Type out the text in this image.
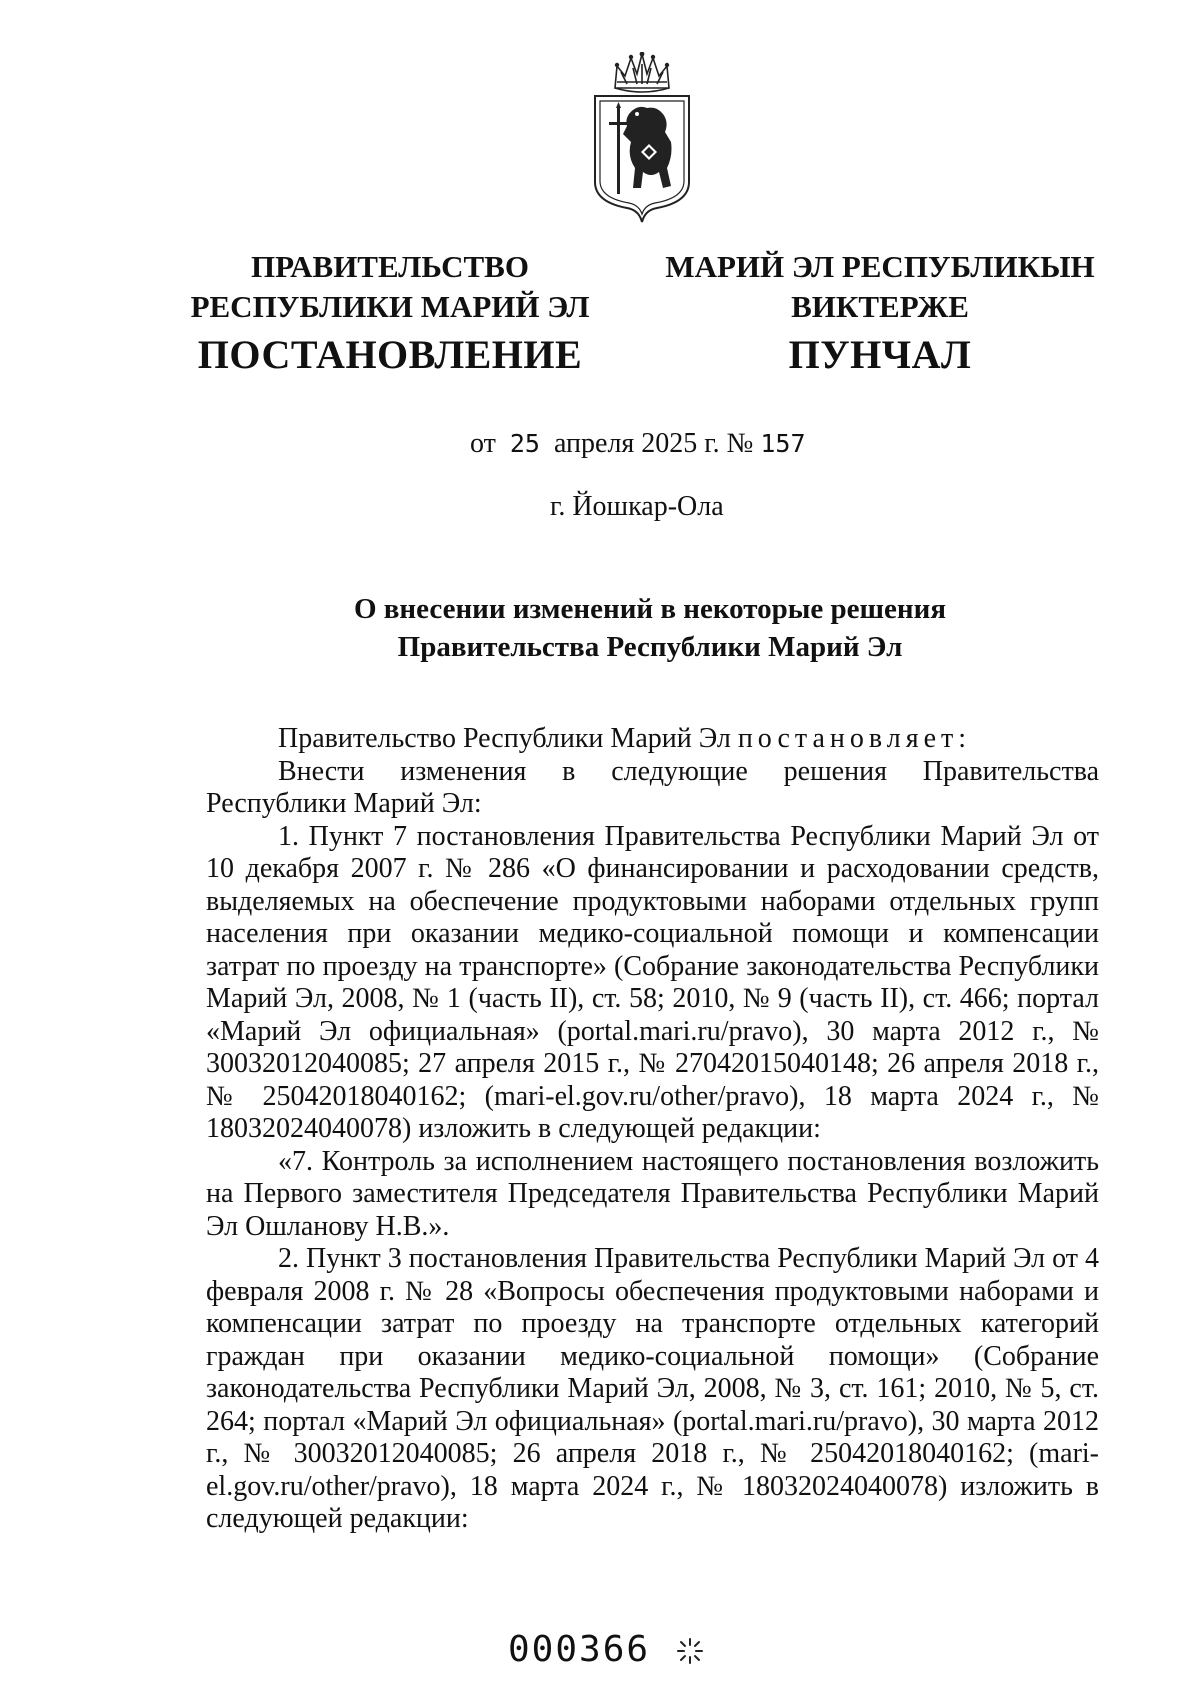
ПРАВИТЕЛЬСТВО
РЕСПУБЛИКИ МАРИЙ ЭЛ
МАРИЙ ЭЛ РЕСПУБЛИКЫН
ВИКТЕРЖЕ
ПОСТАНОВЛЕНИЕ	ПУНЧАЛ
от 25 апреля 2025 г. № 157
г. Йошкар-Ола
О внесении изменений в некоторые решения
Правительства Республики Марий Эл

Правительство Республики Марий Эл постановляет:

Внести изменения в следующие решения Правительства Республики Марий Эл:

1. Пункт 7 постановления Правительства Республики Марий Эл от 10 декабря 2007 г. № 286 «О финансировании и расходовании средств, выделяемых на обеспечение продуктовыми наборами отдельных групп населения при оказании медико-социальной помощи и компенсации затрат по проезду на транспорте» (Собрание законодательства Республики Марий Эл, 2008, № 1 (часть II), ст. 58; 2010, № 9 (часть II), ст. 466; портал «Марий Эл официальная» (portal.mari.ru/pravo), 30 марта 2012 г., № 30032012040085; 27 апреля 2015 г., № 27042015040148; 26 апреля 2018 г., № 25042018040162; (mari-el.gov.ru/other/pravo), 18 марта 2024 г., № 18032024040078) изложить в следующей редакции:

«7. Контроль за исполнением настоящего постановления возложить на Первого заместителя Председателя Правительства Республики Марий Эл Ошланову Н.В.».

2. Пункт 3 постановления Правительства Республики Марий Эл от 4 февраля 2008 г. № 28 «Вопросы обеспечения продуктовыми наборами и компенсации затрат по проезду на транспорте отдельных категорий граждан при оказании медико-социальной помощи» (Собрание законодательства Республики Марий Эл, 2008, № 3, ст. 161; 2010, № 5, ст. 264; портал «Марий Эл официальная» (portal.mari.ru/pravo), 30 марта 2012 г., № 30032012040085; 26 апреля 2018 г., № 25042018040162; (mari-el.gov.ru/other/pravo), 18 марта 2024 г., № 18032024040078) изложить в следующей редакции:

000366
